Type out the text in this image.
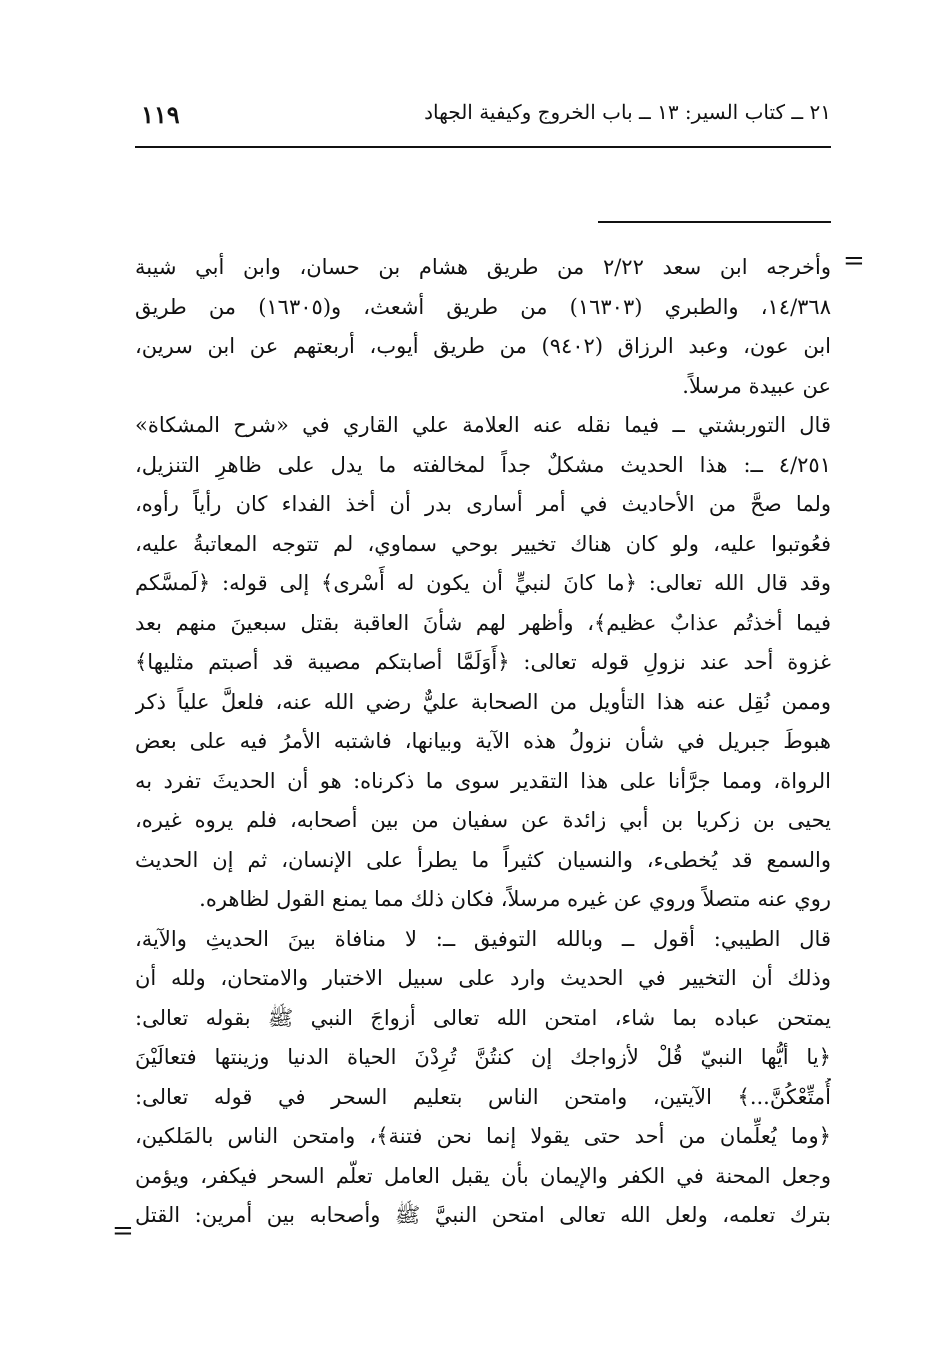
٢١ ــ كتاب السير: ١٣ ــ باب الخروج وكيفية الجهاد
١١٩
=
وأخرجه ابن سعد ٢/٢٢ من طريق هشام بن حسان، وابن أبي شيبة
١٤/٣٦٨، والطبري (١٦٣٠٣) من طريق أشعث، و(١٦٣٠٥) من طريق
ابن عون، وعبد الرزاق (٩٤٠٢) من طريق أيوب، أربعتهم عن ابن سرين،
عن عبيدة مرسلاً.
قال التوربشتي ــ فيما نقله عنه العلامة علي القاري في «شرح المشكاة»
٤/٢٥١ ــ: هذا الحديث مشكلٌ جداً لمخالفته ما يدل على ظاهرِ التنزيل،
ولما صحَّ من الأحاديث في أمر أسارى بدر أن أخذ الفداء كان رأياً رأوه،
فعُوتبوا عليه، ولو كان هناك تخيير بوحي سماوي، لم تتوجه المعاتبةُ عليه،
وقد قال الله تعالى: ﴿ما كانَ لنبيٍّ أن يكون له أَسْرى﴾ إلى قوله: ﴿لَمسَّكم
فيما أخذتُم عذابٌ عظيم﴾، وأظهر لهم شأنَ العاقبة بقتل سبعينَ منهم بعد
غزوة أحد عند نزولِ قوله تعالى: ﴿أَوَلَمَّا أصابتكم مصيبة قد أصبتم مثليها﴾
وممن نُقِل عنه هذا التأويل من الصحابة عليٌّ رضي الله عنه، فلعلَّ علياً ذكر
هبوطَ جبريل في شأن نزولُ هذه الآية وبيانها، فاشتبه الأمرُ فيه على بعض
الرواة، ومما جرَّأنا على هذا التقدير سوى ما ذكرناه: هو أن الحديثَ تفرد به
يحيى بن زكريا بن أبي زائدة عن سفيان من بين أصحابه، فلم يروه غيره،
والسمع قد يُخطىء، والنسيان كثيراً ما يطرأ على الإنسان، ثم إن الحديث
روي عنه متصلاً وروي عن غيره مرسلاً، فكان ذلك مما يمنع القول لظاهره.
قال الطيبي: أقول ــ وبالله التوفيق ــ: لا منافاة بينَ الحديثِ والآية،
وذلك أن التخيير في الحديث وارد على سبيل الاختبار والامتحان، ولله أن
يمتحن عباده بما شاء، امتحن الله تعالى أزواجَ النبي ﷺ بقوله تعالى:
﴿يا أيُّها النبيّ قُلْ لأزواجك إن كنتُنَّ تُرِدْنَ الحياة الدنيا وزينتها فتعالَيْنَ
أُمتِّعْكُنَّ...﴾ الآيتين، وامتحن الناس بتعليم السحر في قوله تعالى:
﴿وما يُعلِّمان من أحد حتى يقولا إنما نحن فتنة﴾، وامتحن الناس بالمَلكين،
وجعل المحنة في الكفر والإيمان بأن يقبل العامل تعلّم السحر فيكفر، ويؤمن
بترك تعلمه، ولعل الله تعالى امتحن النبيَّ ﷺ وأصحابه بين أمرين: القتل
=
